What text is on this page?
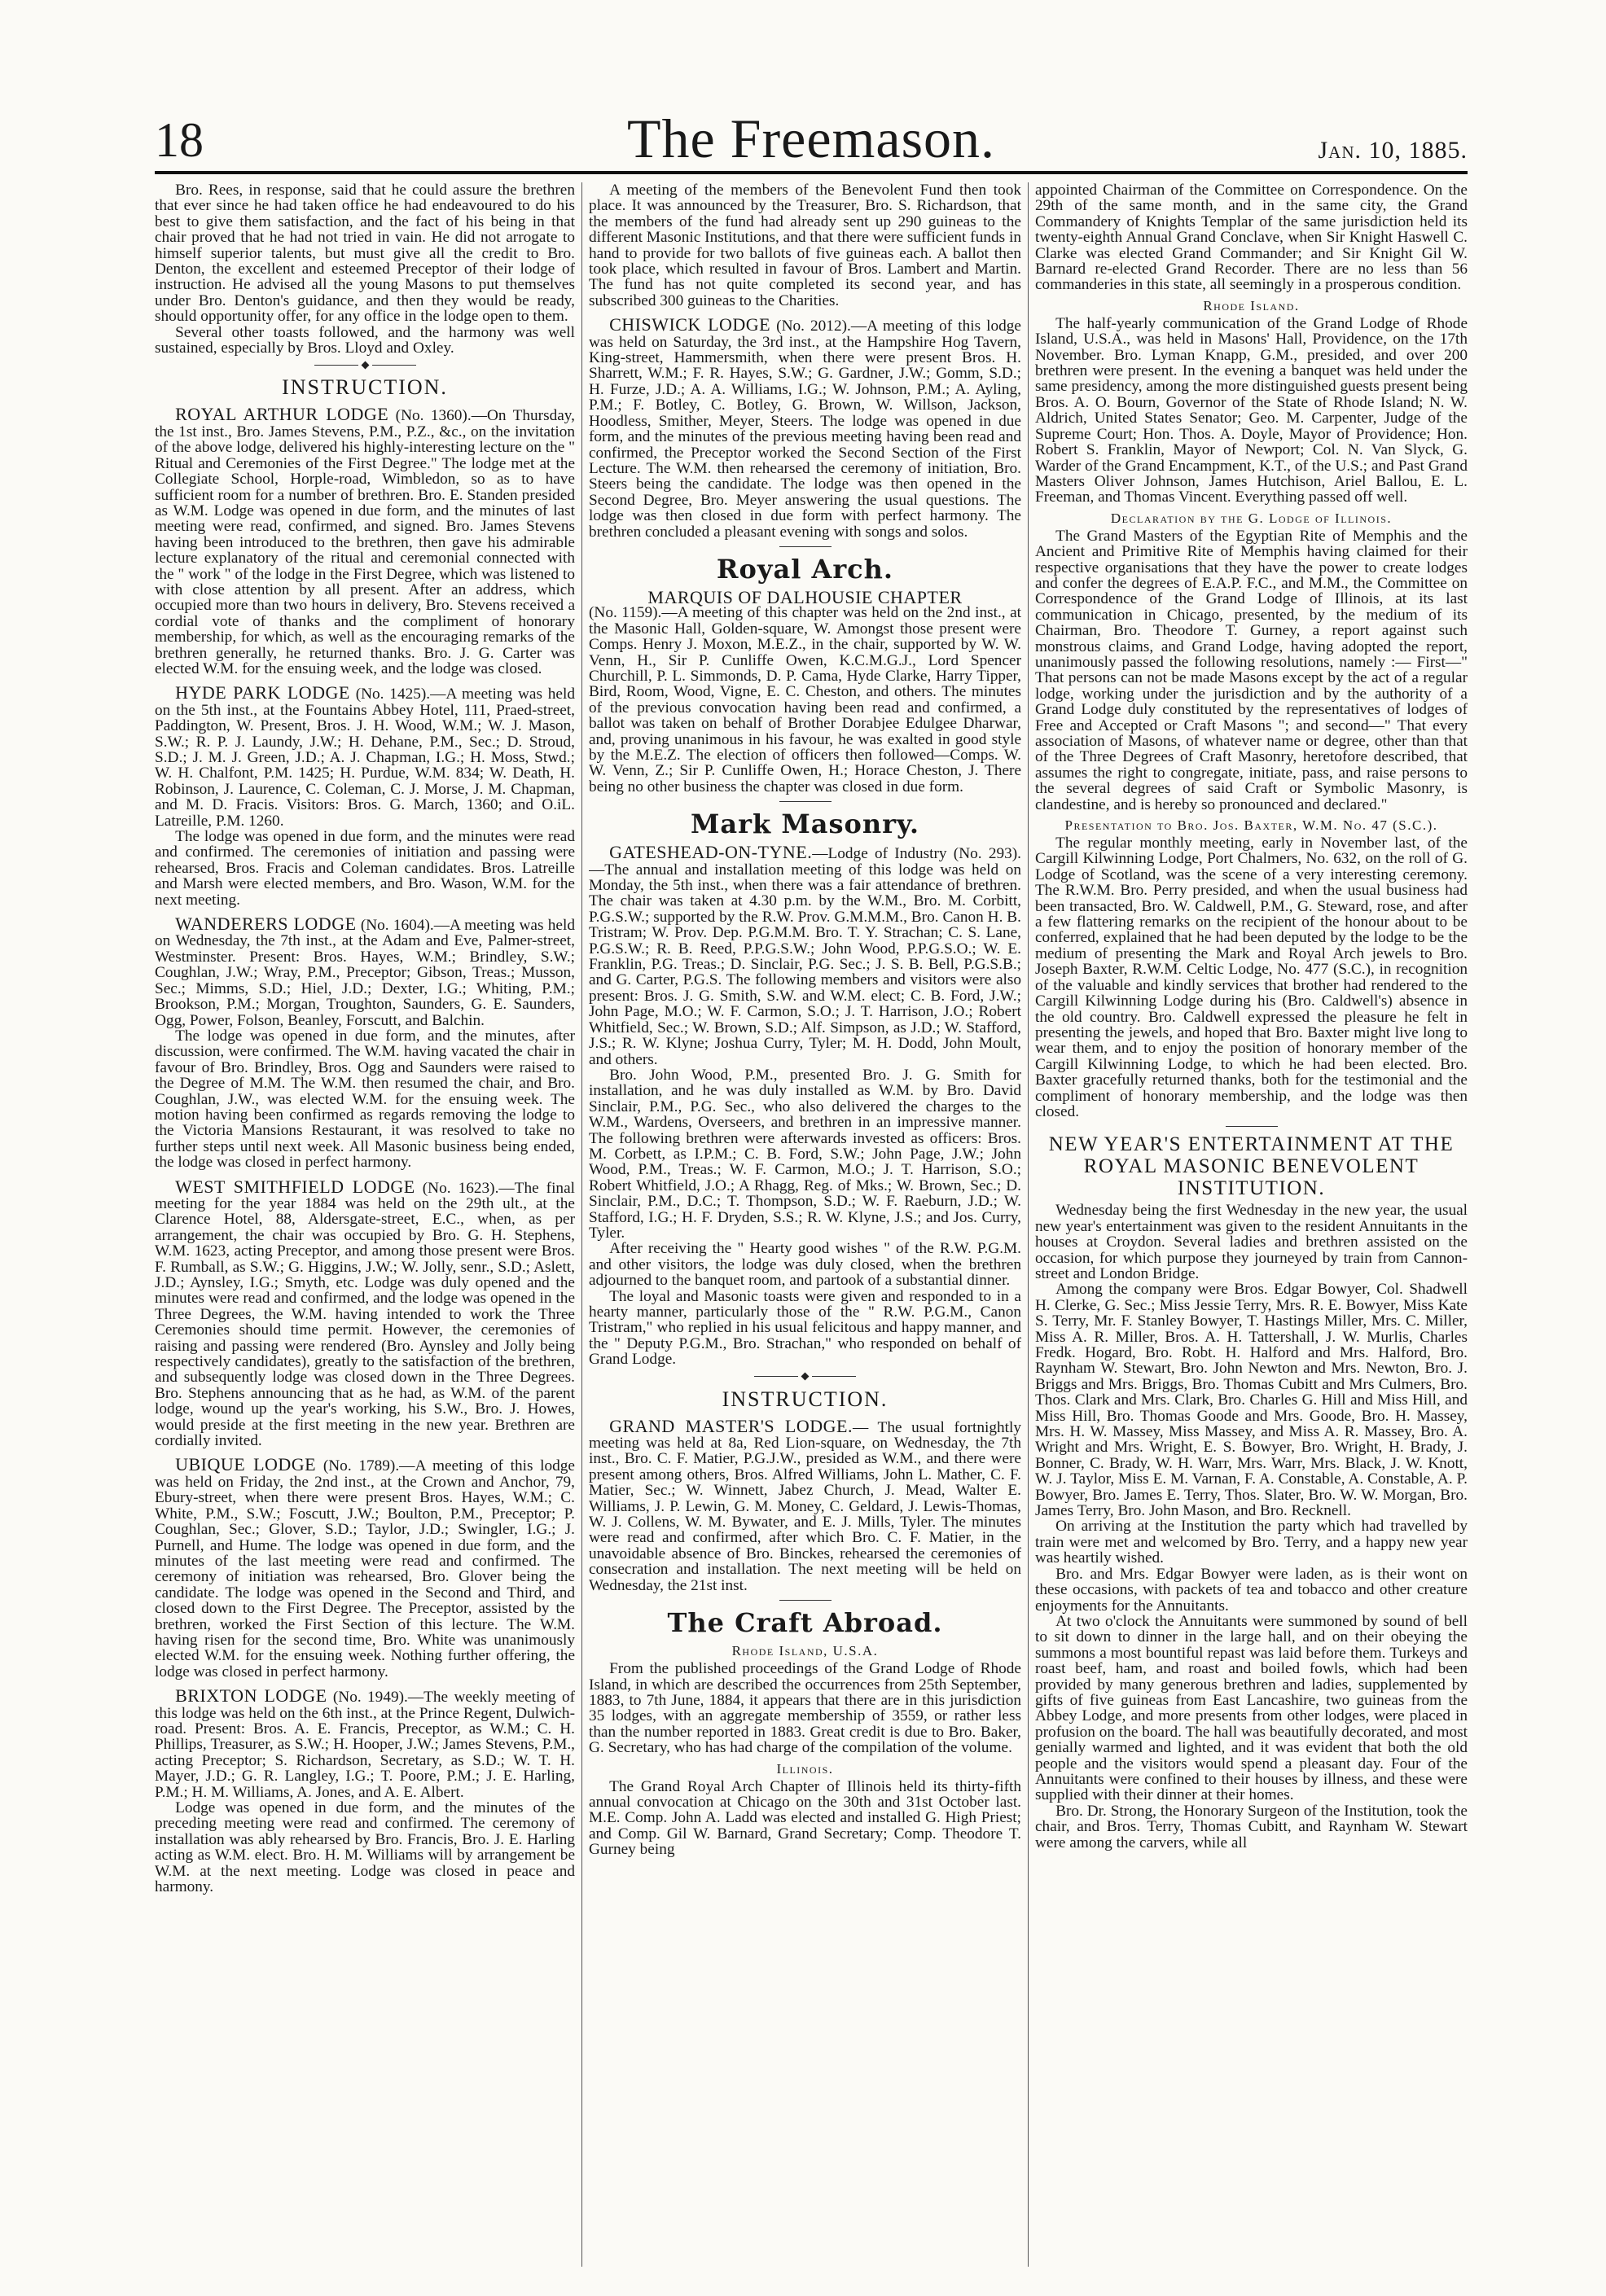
18	The Freemason.	Jan. 10, 1885.

Bro. Rees, in response, said that he could assure the brethren that ever since he had taken office he had endeavoured to do his best to give them satisfaction, and the fact of his being in that chair proved that he had not tried in vain. He did not arrogate to himself superior talents, but must give all the credit to Bro. Denton, the excellent and esteemed Preceptor of their lodge of instruction. He advised all the young Masons to put themselves under Bro. Denton's guidance, and then they would be ready, should opportunity offer, for any office in the lodge open to them.

Several other toasts followed, and the harmony was well sustained, especially by Bros. Lloyd and Oxley.

INSTRUCTION.
ROYAL ARTHUR LODGE (No. 1360).—On Thursday, the 1st inst., Bro. James Stevens, P.M., P.Z., &c., on the invitation of the above lodge, delivered his highly-interesting lecture on the " Ritual and Ceremonies of the First Degree." The lodge met at the Collegiate School, Horple-road, Wimbledon, so as to have sufficient room for a number of brethren. Bro. E. Standen presided as W.M. Lodge was opened in due form, and the minutes of last meeting were read, confirmed, and signed. Bro. James Stevens having been introduced to the brethren, then gave his admirable lecture explanatory of the ritual and ceremonial connected with the " work " of the lodge in the First Degree, which was listened to with close attention by all present. After an address, which occupied more than two hours in delivery, Bro. Stevens received a cordial vote of thanks and the compliment of honorary membership, for which, as well as the encouraging remarks of the brethren generally, he returned thanks. Bro. J. G. Carter was elected W.M. for the ensuing week, and the lodge was closed.
HYDE PARK LODGE (No. 1425).—A meeting was held on the 5th inst., at the Fountains Abbey Hotel, 111, Praed-street, Paddington, W. Present, Bros. J. H. Wood, W.M.; W. J. Mason, S.W.; R. P. J. Laundy, J.W.; H. Dehane, P.M., Sec.; D. Stroud, S.D.; J. M. J. Green, J.D.; A. J. Chapman, I.G.; H. Moss, Stwd.; W. H. Chalfont, P.M. 1425; H. Purdue, W.M. 834; W. Death, H. Robinson, J. Laurence, C. Coleman, C. J. Morse, J. M. Chapman, and M. D. Fracis. Visitors: Bros. G. March, 1360; and O.iL. Latreille, P.M. 1260.

The lodge was opened in due form, and the minutes were read and confirmed. The ceremonies of initiation and passing were rehearsed, Bros. Fracis and Coleman candidates. Bros. Latreille and Marsh were elected members, and Bro. Wason, W.M. for the next meeting.

WANDERERS LODGE (No. 1604).—A meeting was held on Wednesday, the 7th inst., at the Adam and Eve, Palmer-street, Westminster. Present: Bros. Hayes, W.M.; Brindley, S.W.; Coughlan, J.W.; Wray, P.M., Preceptor; Gibson, Treas.; Musson, Sec.; Mimms, S.D.; Hiel, J.D.; Dexter, I.G.; Whiting, P.M.; Brookson, P.M.; Morgan, Troughton, Saunders, G. E. Saunders, Ogg, Power, Folson, Beanley, Forscutt, and Balchin.

The lodge was opened in due form, and the minutes, after discussion, were confirmed. The W.M. having vacated the chair in favour of Bro. Brindley, Bros. Ogg and Saunders were raised to the Degree of M.M. The W.M. then resumed the chair, and Bro. Coughlan, J.W., was elected W.M. for the ensuing week. The motion having been confirmed as regards removing the lodge to the Victoria Mansions Restaurant, it was resolved to take no further steps until next week. All Masonic business being ended, the lodge was closed in perfect harmony.

WEST SMITHFIELD LODGE (No. 1623).—The final meeting for the year 1884 was held on the 29th ult., at the Clarence Hotel, 88, Aldersgate-street, E.C., when, as per arrangement, the chair was occupied by Bro. G. H. Stephens, W.M. 1623, acting Preceptor, and among those present were Bros. F. Rumball, as S.W.; G. Higgins, J.W.; W. Jolly, senr., S.D.; Aslett, J.D.; Aynsley, I.G.; Smyth, etc. Lodge was duly opened and the minutes were read and confirmed, and the lodge was opened in the Three Degrees, the W.M. having intended to work the Three Ceremonies should time permit. However, the ceremonies of raising and passing were rendered (Bro. Aynsley and Jolly being respectively candidates), greatly to the satisfaction of the brethren, and subsequently lodge was closed down in the Three Degrees. Bro. Stephens announcing that as he had, as W.M. of the parent lodge, wound up the year's working, his S.W., Bro. J. Howes, would preside at the first meeting in the new year. Brethren are cordially invited.
UBIQUE LODGE (No. 1789).—A meeting of this lodge was held on Friday, the 2nd inst., at the Crown and Anchor, 79, Ebury-street, when there were present Bros. Hayes, W.M.; C. White, P.M., S.W.; Foscutt, J.W.; Boulton, P.M., Preceptor; P. Coughlan, Sec.; Glover, S.D.; Taylor, J.D.; Swingler, I.G.; J. Purnell, and Hume. The lodge was opened in due form, and the minutes of the last meeting were read and confirmed. The ceremony of initiation was rehearsed, Bro. Glover being the candidate. The lodge was opened in the Second and Third, and closed down to the First Degree. The Preceptor, assisted by the brethren, worked the First Section of this lecture. The W.M. having risen for the second time, Bro. White was unanimously elected W.M. for the ensuing week. Nothing further offering, the lodge was closed in perfect harmony.
BRIXTON LODGE (No. 1949).—The weekly meeting of this lodge was held on the 6th inst., at the Prince Regent, Dulwich-road. Present: Bros. A. E. Francis, Preceptor, as W.M.; C. H. Phillips, Treasurer, as S.W.; H. Hooper, J.W.; James Stevens, P.M., acting Preceptor; S. Richardson, Secretary, as S.D.; W. T. H. Mayer, J.D.; G. R. Langley, I.G.; T. Poore, P.M.; J. E. Harling, P.M.; H. M. Williams, A. Jones, and A. E. Albert.

Lodge was opened in due form, and the minutes of the preceding meeting were read and confirmed. The ceremony of installation was ably rehearsed by Bro. Francis, Bro. J. E. Harling acting as W.M. elect. Bro. H. M. Williams will by arrangement be W.M. at the next meeting. Lodge was closed in peace and harmony.

A meeting of the members of the Benevolent Fund then took place. It was announced by the Treasurer, Bro. S. Richardson, that the members of the fund had already sent up 290 guineas to the different Masonic Institutions, and that there were sufficient funds in hand to provide for two ballots of five guineas each. A ballot then took place, which resulted in favour of Bros. Lambert and Martin. The fund has not quite completed its second year, and has subscribed 300 guineas to the Charities.

CHISWICK LODGE (No. 2012).—A meeting of this lodge was held on Saturday, the 3rd inst., at the Hampshire Hog Tavern, King-street, Hammersmith, when there were present Bros. H. Sharrett, W.M.; F. R. Hayes, S.W.; G. Gardner, J.W.; Gomm, S.D.; H. Furze, J.D.; A. A. Williams, I.G.; W. Johnson, P.M.; A. Ayling, P.M.; F. Botley, C. Botley, G. Brown, W. Willson, Jackson, Hoodless, Smither, Meyer, Steers. The lodge was opened in due form, and the minutes of the previous meeting having been read and confirmed, the Preceptor worked the Second Section of the First Lecture. The W.M. then rehearsed the ceremony of initiation, Bro. Steers being the candidate. The lodge was then opened in the Second Degree, Bro. Meyer answering the usual questions. The lodge was then closed in due form with perfect harmony. The brethren concluded a pleasant evening with songs and solos.
Royal Arch.

MARQUIS OF DALHOUSIE CHAPTER

(No. 1159).—A meeting of this chapter was held on the 2nd inst., at the Masonic Hall, Golden-square, W. Amongst those present were Comps. Henry J. Moxon, M.E.Z., in the chair, supported by W. W. Venn, H., Sir P. Cunliffe Owen, K.C.M.G.J., Lord Spencer Churchill, P. L. Simmonds, D. P. Cama, Hyde Clarke, Harry Tipper, Bird, Room, Wood, Vigne, E. C. Cheston, and others. The minutes of the previous convocation having been read and confirmed, a ballot was taken on behalf of Brother Dorabjee Edulgee Dharwar, and, proving unanimous in his favour, he was exalted in good style by the M.E.Z. The election of officers then followed—Comps. W. W. Venn, Z.; Sir P. Cunliffe Owen, H.; Horace Cheston, J. There being no other business the chapter was closed in due form.

Mark Masonry.
GATESHEAD-ON-TYNE.—Lodge of Industry (No. 293).—The annual and installation meeting of this lodge was held on Monday, the 5th inst., when there was a fair attendance of brethren. The chair was taken at 4.30 p.m. by the W.M., Bro. M. Corbitt, P.G.S.W.; supported by the R.W. Prov. G.M.M.M., Bro. Canon H. B. Tristram; W. Prov. Dep. P.G.M.M. Bro. T. Y. Strachan; C. S. Lane, P.G.S.W.; R. B. Reed, P.P.G.S.W.; John Wood, P.P.G.S.O.; W. E. Franklin, P.G. Treas.; D. Sinclair, P.G. Sec.; J. S. B. Bell, P.G.S.B.; and G. Carter, P.G.S. The following members and visitors were also present: Bros. J. G. Smith, S.W. and W.M. elect; C. B. Ford, J.W.; John Page, M.O.; W. F. Carmon, S.O.; J. T. Harrison, J.O.; Robert Whitfield, Sec.; W. Brown, S.D.; Alf. Simpson, as J.D.; W. Stafford, J.S.; R. W. Klyne; Joshua Curry, Tyler; M. H. Dodd, John Moult, and others.

Bro. John Wood, P.M., presented Bro. J. G. Smith for installation, and he was duly installed as W.M. by Bro. David Sinclair, P.M., P.G. Sec., who also delivered the charges to the W.M., Wardens, Overseers, and brethren in an impressive manner. The following brethren were afterwards invested as officers: Bros. M. Corbett, as I.P.M.; C. B. Ford, S.W.; John Page, J.W.; John Wood, P.M., Treas.; W. F. Carmon, M.O.; J. T. Harrison, S.O.; Robert Whitfield, J.O.; A Rhagg, Reg. of Mks.; W. Brown, Sec.; D. Sinclair, P.M., D.C.; T. Thompson, S.D.; W. F. Raeburn, J.D.; W. Stafford, I.G.; H. F. Dryden, S.S.; R. W. Klyne, J.S.; and Jos. Curry, Tyler.

After receiving the " Hearty good wishes " of the R.W. P.G.M. and other visitors, the lodge was duly closed, when the brethren adjourned to the banquet room, and partook of a substantial dinner.

The loyal and Masonic toasts were given and responded to in a hearty manner, particularly those of the " R.W. P.G.M., Canon Tristram," who replied in his usual felicitous and happy manner, and the " Deputy P.G.M., Bro. Strachan," who responded on behalf of Grand Lodge.

INSTRUCTION.
GRAND MASTER'S LODGE.— The usual fortnightly meeting was held at 8a, Red Lion-square, on Wednesday, the 7th inst., Bro. C. F. Matier, P.G.J.W., presided as W.M., and there were present among others, Bros. Alfred Williams, John L. Mather, C. F. Matier, Sec.; W. Winnett, Jabez Church, J. Mead, Walter E. Williams, J. P. Lewin, G. M. Money, C. Geldard, J. Lewis-Thomas, W. J. Collens, W. M. Bywater, and E. J. Mills, Tyler. The minutes were read and confirmed, after which Bro. C. F. Matier, in the unavoidable absence of Bro. Binckes, rehearsed the ceremonies of consecration and installation. The next meeting will be held on Wednesday, the 21st inst.
The Craft Abroad.
Rhode Island, U.S.A.

From the published proceedings of the Grand Lodge of Rhode Island, in which are described the occurrences from 25th September, 1883, to 7th June, 1884, it appears that there are in this jurisdiction 35 lodges, with an aggregate membership of 3559, or rather less than the number reported in 1883. Great credit is due to Bro. Baker, G. Secretary, who has had charge of the compilation of the volume.

Illinois.

The Grand Royal Arch Chapter of Illinois held its thirty-fifth annual convocation at Chicago on the 30th and 31st October last. M.E. Comp. John A. Ladd was elected and installed G. High Priest; and Comp. Gil W. Barnard, Grand Secretary; Comp. Theodore T. Gurney being

appointed Chairman of the Committee on Correspondence. On the 29th of the same month, and in the same city, the Grand Commandery of Knights Templar of the same jurisdiction held its twenty-eighth Annual Grand Conclave, when Sir Knight Haswell C. Clarke was elected Grand Commander; and Sir Knight Gil W. Barnard re-elected Grand Recorder. There are no less than 56 commanderies in this state, all seemingly in a prosperous condition.

Rhode Island.

The half-yearly communication of the Grand Lodge of Rhode Island, U.S.A., was held in Masons' Hall, Providence, on the 17th November. Bro. Lyman Knapp, G.M., presided, and over 200 brethren were present. In the evening a banquet was held under the same presidency, among the more distinguished guests present being Bros. A. O. Bourn, Governor of the State of Rhode Island; N. W. Aldrich, United States Senator; Geo. M. Carpenter, Judge of the Supreme Court; Hon. Thos. A. Doyle, Mayor of Providence; Hon. Robert S. Franklin, Mayor of Newport; Col. N. Van Slyck, G. Warder of the Grand Encampment, K.T., of the U.S.; and Past Grand Masters Oliver Johnson, James Hutchison, Ariel Ballou, E. L. Freeman, and Thomas Vincent. Everything passed off well.

Declaration by the G. Lodge of Illinois.

The Grand Masters of the Egyptian Rite of Memphis and the Ancient and Primitive Rite of Memphis having claimed for their respective organisations that they have the power to create lodges and confer the degrees of E.A.P. F.C., and M.M., the Committee on Correspondence of the Grand Lodge of Illinois, at its last communication in Chicago, presented, by the medium of its Chairman, Bro. Theodore T. Gurney, a report against such monstrous claims, and Grand Lodge, having adopted the report, unanimously passed the following resolutions, namely :— First—" That persons can not be made Masons except by the act of a regular lodge, working under the jurisdiction and by the authority of a Grand Lodge duly constituted by the representatives of lodges of Free and Accepted or Craft Masons "; and second—" That every association of Masons, of whatever name or degree, other than that of the Three Degrees of Craft Masonry, heretofore described, that assumes the right to congregate, initiate, pass, and raise persons to the several degrees of said Craft or Symbolic Masonry, is clandestine, and is hereby so pronounced and declared."

Presentation to Bro. Jos. Baxter, W.M. No. 47 (S.C.).

The regular monthly meeting, early in November last, of the Cargill Kilwinning Lodge, Port Chalmers, No. 632, on the roll of G. Lodge of Scotland, was the scene of a very interesting ceremony. The R.W.M. Bro. Perry presided, and when the usual business had been transacted, Bro. W. Caldwell, P.M., G. Steward, rose, and after a few flattering remarks on the recipient of the honour about to be conferred, explained that he had been deputed by the lodge to be the medium of presenting the Mark and Royal Arch jewels to Bro. Joseph Baxter, R.W.M. Celtic Lodge, No. 477 (S.C.), in recognition of the valuable and kindly services that brother had rendered to the Cargill Kilwinning Lodge during his (Bro. Caldwell's) absence in the old country. Bro. Caldwell expressed the pleasure he felt in presenting the jewels, and hoped that Bro. Baxter might live long to wear them, and to enjoy the position of honorary member of the Cargill Kilwinning Lodge, to which he had been elected. Bro. Baxter gracefully returned thanks, both for the testimonial and the compliment of honorary membership, and the lodge was then closed.

NEW YEAR'S ENTERTAINMENT AT THE ROYAL MASONIC BENEVOLENT INSTITUTION.

Wednesday being the first Wednesday in the new year, the usual new year's entertainment was given to the resident Annuitants in the houses at Croydon. Several ladies and brethren assisted on the occasion, for which purpose they journeyed by train from Cannon-street and London Bridge.

Among the company were Bros. Edgar Bowyer, Col. Shadwell H. Clerke, G. Sec.; Miss Jessie Terry, Mrs. R. E. Bowyer, Miss Kate S. Terry, Mr. F. Stanley Bowyer, T. Hastings Miller, Mrs. C. Miller, Miss A. R. Miller, Bros. A. H. Tattershall, J. W. Murlis, Charles Fredk. Hogard, Bro. Robt. H. Halford and Mrs. Halford, Bro. Raynham W. Stewart, Bro. John Newton and Mrs. Newton, Bro. J. Briggs and Mrs. Briggs, Bro. Thomas Cubitt and Mrs Culmers, Bro. Thos. Clark and Mrs. Clark, Bro. Charles G. Hill and Miss Hill, and Miss Hill, Bro. Thomas Goode and Mrs. Goode, Bro. H. Massey, Mrs. H. W. Massey, Miss Massey, and Miss A. R. Massey, Bro. A. Wright and Mrs. Wright, E. S. Bowyer, Bro. Wright, H. Brady, J. Bonner, C. Brady, W. H. Warr, Mrs. Warr, Mrs. Black, J. W. Knott, W. J. Taylor, Miss E. M. Varnan, F. A. Constable, A. Constable, A. P. Bowyer, Bro. James E. Terry, Thos. Slater, Bro. W. W. Morgan, Bro. James Terry, Bro. John Mason, and Bro. Recknell.

On arriving at the Institution the party which had travelled by train were met and welcomed by Bro. Terry, and a happy new year was heartily wished.

Bro. and Mrs. Edgar Bowyer were laden, as is their wont on these occasions, with packets of tea and tobacco and other creature enjoyments for the Annuitants.

At two o'clock the Annuitants were summoned by sound of bell to sit down to dinner in the large hall, and on their obeying the summons a most bountiful repast was laid before them. Turkeys and roast beef, ham, and roast and boiled fowls, which had been provided by many generous brethren and ladies, supplemented by gifts of five guineas from East Lancashire, two guineas from the Abbey Lodge, and more presents from other lodges, were placed in profusion on the board. The hall was beautifully decorated, and most genially warmed and lighted, and it was evident that both the old people and the visitors would spend a pleasant day. Four of the Annuitants were confined to their houses by illness, and these were supplied with their dinner at their homes.

Bro. Dr. Strong, the Honorary Surgeon of the Institution, took the chair, and Bros. Terry, Thomas Cubitt, and Raynham W. Stewart were among the carvers, while all
